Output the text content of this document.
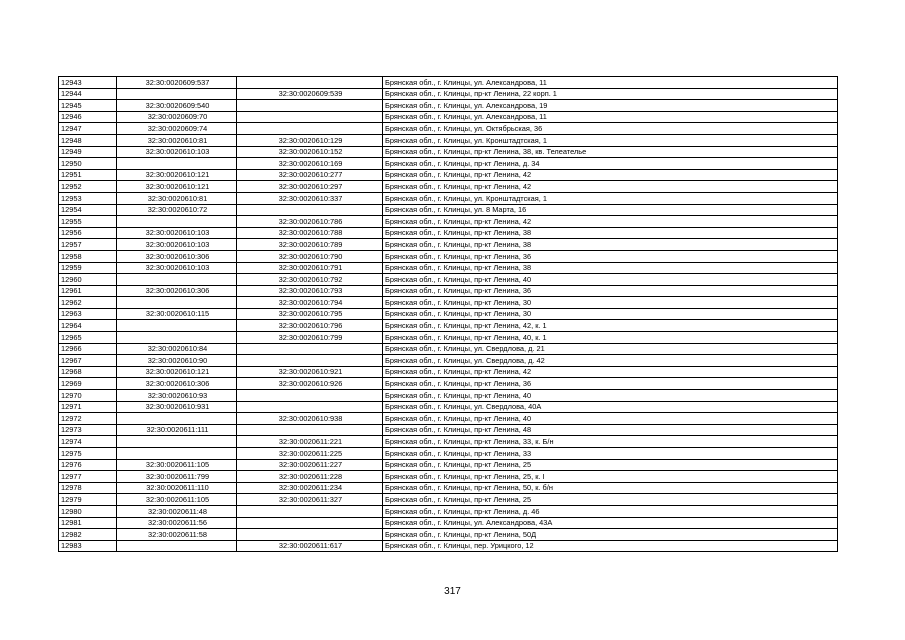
12943	32:30:0020609:537		Брянская обл., г. Клинцы, ул. Александрова, 11
12944		32:30:0020609:539	Брянская обл., г. Клинцы, пр-кт Ленина, 22 корп. 1
12945	32:30:0020609:540		Брянская обл., г. Клинцы, ул. Александрова, 19
12946	32:30:0020609:70		Брянская обл., г. Клинцы, ул. Александрова, 11
12947	32:30:0020609:74		Брянская обл., г. Клинцы, ул. Октябрьская, 36
12948	32:30:0020610:81	32:30:0020610:129	Брянская обл., г. Клинцы, ул. Кронштадтская, 1
12949	32:30:0020610:103	32:30:0020610:152	Брянская обл., г. Клинцы, пр-кт Ленина, 38, кв. Телеателье
12950		32:30:0020610:169	Брянская обл., г. Клинцы, пр-кт Ленина, д. 34
12951	32:30:0020610:121	32:30:0020610:277	Брянская обл., г. Клинцы, пр-кт Ленина, 42
12952	32:30:0020610:121	32:30:0020610:297	Брянская обл., г. Клинцы, пр-кт Ленина, 42
12953	32:30:0020610:81	32:30:0020610:337	Брянская обл., г. Клинцы, ул. Кронштадтская, 1
12954	32:30:0020610:72		Брянская обл., г. Клинцы, ул. 8 Марта, 16
12955		32:30:0020610:786	Брянская обл., г. Клинцы, пр-кт Ленина, 42
12956	32:30:0020610:103	32:30:0020610:788	Брянская обл., г. Клинцы, пр-кт Ленина, 38
12957	32:30:0020610:103	32:30:0020610:789	Брянская обл., г. Клинцы, пр-кт Ленина, 38
12958	32:30:0020610:306	32:30:0020610:790	Брянская обл., г. Клинцы, пр-кт Ленина, 36
12959	32:30:0020610:103	32:30:0020610:791	Брянская обл., г. Клинцы, пр-кт Ленина, 38
12960		32:30:0020610:792	Брянская обл., г. Клинцы, пр-кт Ленина, 40
12961	32:30:0020610:306	32:30:0020610:793	Брянская обл., г. Клинцы, пр-кт Ленина, 36
12962		32:30:0020610:794	Брянская обл., г. Клинцы, пр-кт Ленина, 30
12963	32:30:0020610:115	32:30:0020610:795	Брянская обл., г. Клинцы, пр-кт Ленина, 30
12964		32:30:0020610:796	Брянская обл., г. Клинцы, пр-кт Ленина, 42, к. 1
12965		32:30:0020610:799	Брянская обл., г. Клинцы, пр-кт Ленина, 40, к. 1
12966	32:30:0020610:84		Брянская обл., г. Клинцы, ул. Свердлова, д. 21
12967	32:30:0020610:90		Брянская обл., г. Клинцы, ул. Свердлова, д. 42
12968	32:30:0020610:121	32:30:0020610:921	Брянская обл., г. Клинцы, пр-кт Ленина, 42
12969	32:30:0020610:306	32:30:0020610:926	Брянская обл., г. Клинцы, пр-кт Ленина, 36
12970	32:30:0020610:93		Брянская обл., г. Клинцы, пр-кт Ленина, 40
12971	32:30:0020610:931		Брянская обл., г. Клинцы, ул. Свердлова, 40А
12972		32:30:0020610:938	Брянская обл., г. Клинцы, пр-кт Ленина, 40
12973	32:30:0020611:111		Брянская обл., г. Клинцы, пр-кт Ленина, 48
12974		32:30:0020611:221	Брянская обл., г. Клинцы, пр-кт Ленина, 33, к. Б/н
12975		32:30:0020611:225	Брянская обл., г. Клинцы, пр-кт Ленина, 33
12976	32:30:0020611:105	32:30:0020611:227	Брянская обл., г. Клинцы, пр-кт Ленина, 25
12977	32:30:0020611:799	32:30:0020611:228	Брянская обл., г. Клинцы, пр-кт Ленина, 25, к. I
12978	32:30:0020611:110	32:30:0020611:234	Брянская обл., г. Клинцы, пр-кт Ленина, 50, к. б/н
12979	32:30:0020611:105	32:30:0020611:327	Брянская обл., г. Клинцы, пр-кт Ленина, 25
12980	32:30:0020611:48		Брянская обл., г. Клинцы, пр-кт Ленина, д. 46
12981	32:30:0020611:56		Брянская обл., г. Клинцы, ул. Александрова, 43А
12982	32:30:0020611:58		Брянская обл., г. Клинцы, пр-кт Ленина, 50Д
12983		32:30:0020611:617	Брянская обл., г. Клинцы, пер. Урицкого, 12
317
